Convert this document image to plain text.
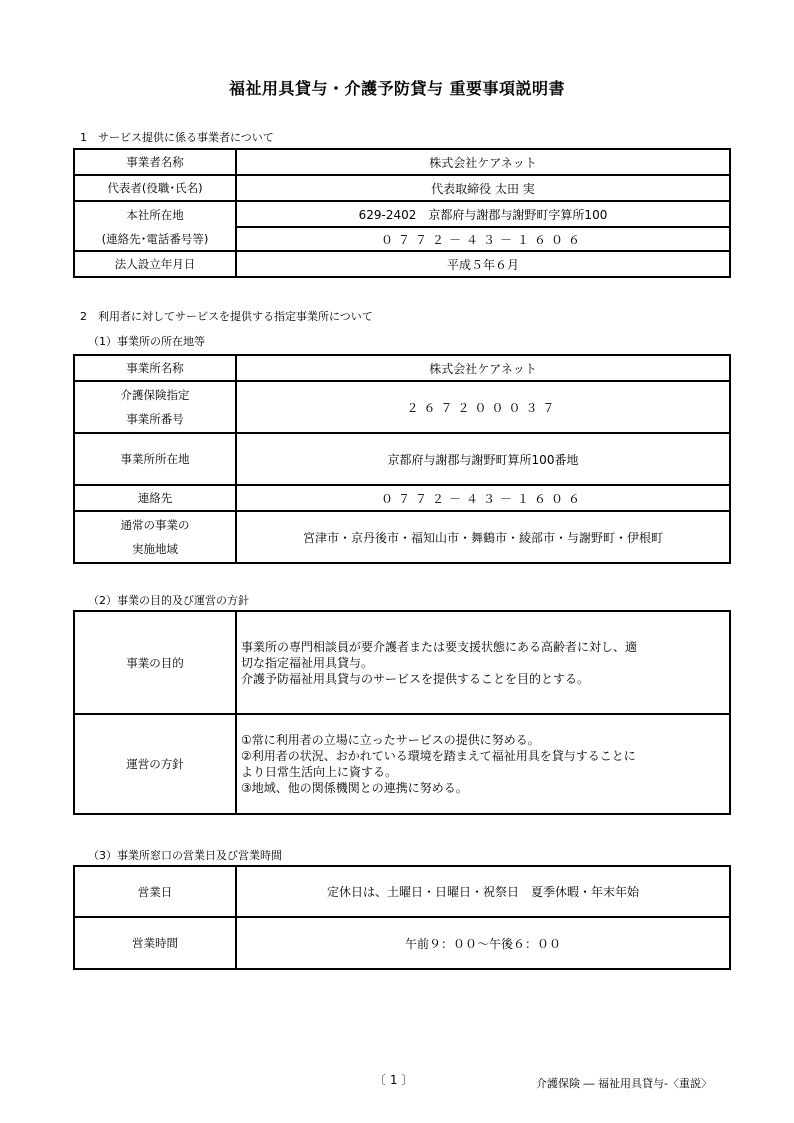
福祉用具貸与・介護予防貸与 重要事項説明書
1　サービス提供に係る事業者について
事業者名称	株式会社ケアネット
代表者(役職･氏名)	代表取締役 太田 実
本社所在地	629-2402　京都府与謝郡与謝野町字算所100
(連絡先･電話番号等)	０７７２－４３－１６０６
法人設立年月日	平成５年６月
2　利用者に対してサービスを提供する指定事業所について
（1）事業所の所在地等
事業所名称	株式会社ケアネット

介護保険指定
事業所番号	２６７２０００３７
事業所所在地	京都府与謝郡与謝野町算所100番地
連絡先	０７７２－４３－１６０６

通常の事業の
実施地域	宮津市・京丹後市・福知山市・舞鶴市・綾部市・与謝野町・伊根町
（2）事業の目的及び運営の方針
事業の目的	事業所の専門相談員が要介護者または要支援状態にある高齢者に対し、適
切な指定福祉用具貸与。
介護予防福祉用具貸与のサービスを提供することを目的とする。

運営の方針	①常に利用者の立場に立ったサービスの提供に努める。
②利用者の状況、おかれている環境を踏まえて福祉用具を貸与することに
より日常生活向上に資する。
③地域、他の関係機関との連携に努める。
（3）事業所窓口の営業日及び営業時間
営業日	定休日は、土曜日・日曜日・祝祭日　夏季休暇・年末年始
営業時間	午前９：００～午後６：００
〔 1 〕	介護保険 ― 福祉用具貸与-〈重説〉
